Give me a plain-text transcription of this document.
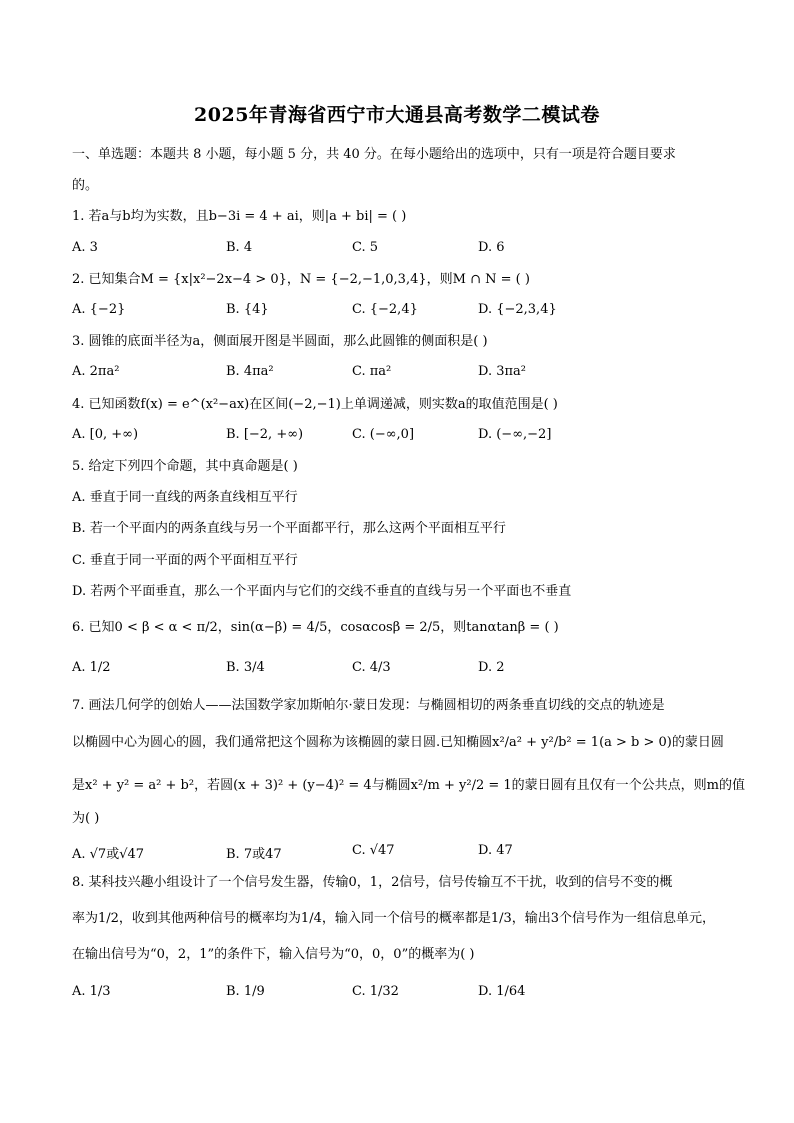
2025年青海省西宁市大通县高考数学二模试卷
一、单选题：本题共 8 小题，每小题 5 分，共 40 分。在每小题给出的选项中，只有一项是符合题目要求
的。
1. 若a与b均为实数，且b−3i = 4 + ai，则|a + bi| = ( )
A. 3	B. 4	C. 5	D. 6
2. 已知集合M = {x|x²−2x−4 > 0}，N = {−2,−1,0,3,4}，则M ∩ N = ( )
A. {−2}	B. {4}	C. {−2,4}	D. {−2,3,4}
3. 圆锥的底面半径为a，侧面展开图是半圆面，那么此圆锥的侧面积是( )
A. 2πa²	B. 4πa²	C. πa²	D. 3πa²
4. 已知函数f(x) = e^(x²−ax)在区间(−2,−1)上单调递减，则实数a的取值范围是( )
A. [0, +∞)	B. [−2, +∞)	C. (−∞,0]	D. (−∞,−2]
5. 给定下列四个命题，其中真命题是( )
A. 垂直于同一直线的两条直线相互平行
B. 若一个平面内的两条直线与另一个平面都平行，那么这两个平面相互平行
C. 垂直于同一平面的两个平面相互平行
D. 若两个平面垂直，那么一个平面内与它们的交线不垂直的直线与另一个平面也不垂直
6. 已知0 < β < α < π/2，sin(α−β) = 4/5，cosαcosβ = 2/5，则tanαtanβ = ( )
A. 1/2	B. 3/4	C. 4/3	D. 2
7. 画法几何学的创始人——法国数学家加斯帕尔·蒙日发现：与椭圆相切的两条垂直切线的交点的轨迹是
以椭圆中心为圆心的圆，我们通常把这个圆称为该椭圆的蒙日圆.已知椭圆x²/a² + y²/b² = 1(a > b > 0)的蒙日圆
是x² + y² = a² + b²，若圆(x + 3)² + (y−4)² = 4与椭圆x²/m + y²/2 = 1的蒙日圆有且仅有一个公共点，则m的值
为( )
A. √7或√47	B. 7或47	C. √47	D. 47
8. 某科技兴趣小组设计了一个信号发生器，传输0，1，2信号，信号传输互不干扰，收到的信号不变的概
率为1/2，收到其他两种信号的概率均为1/4，输入同一个信号的概率都是1/3，输出3个信号作为一组信息单元，
在输出信号为“0，2，1”的条件下，输入信号为“0，0，0”的概率为( )
A. 1/3	B. 1/9	C. 1/32	D. 1/64
